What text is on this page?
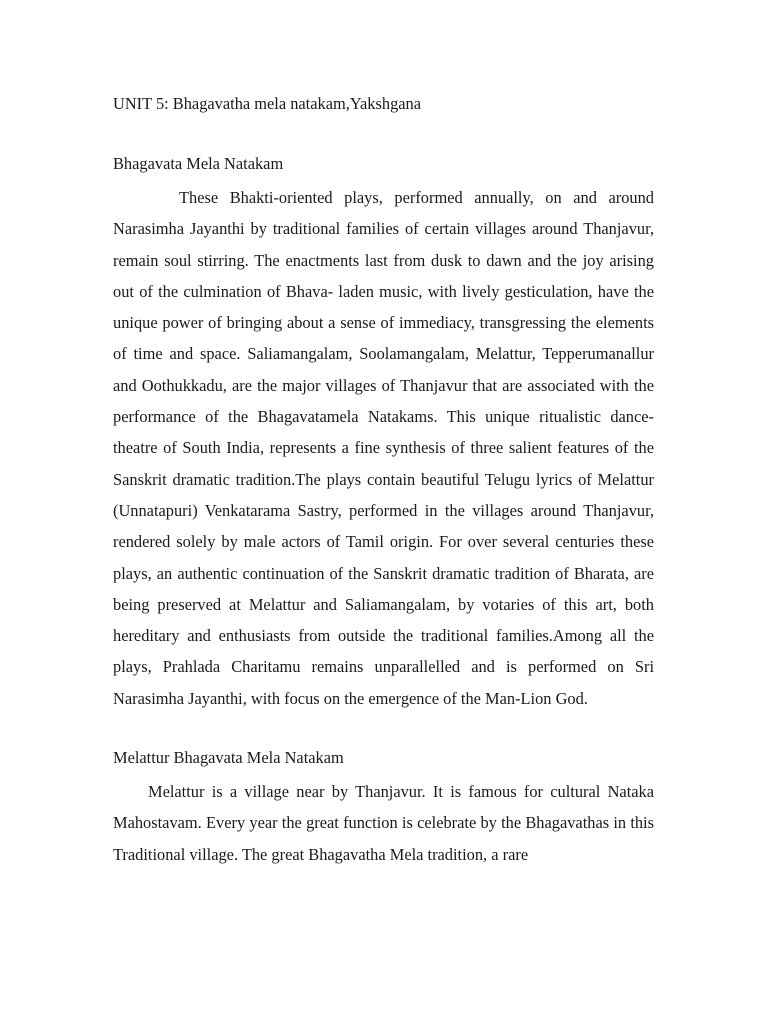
UNIT 5: Bhagavatha mela natakam,Yakshgana
Bhagavata Mela Natakam

These Bhakti-oriented plays, performed annually, on and around Narasimha Jayanthi by traditional families of certain villages around Thanjavur, remain soul stirring. The enactments last from dusk to dawn and the joy arising out of the culmination of Bhava- laden music, with lively gesticulation, have the unique power of bringing about a sense of immediacy, transgressing the elements of time and space. Saliamangalam, Soolamangalam, Melattur, Tepperumanallur and Oothukkadu, are the major villages of Thanjavur that are associated with the performance of the Bhagavatamela Natakams. This unique ritualistic dance-theatre of South India, represents a fine synthesis of three salient features of the Sanskrit dramatic tradition.The plays contain beautiful Telugu lyrics of Melattur (Unnatapuri) Venkatarama Sastry, performed in the villages around Thanjavur, rendered solely by male actors of Tamil origin. For over several centuries these plays, an authentic continuation of the Sanskrit dramatic tradition of Bharata, are being preserved at Melattur and Saliamangalam, by votaries of this art, both hereditary and enthusiasts from outside the traditional families.Among all the plays, Prahlada Charitamu remains unparallelled and is performed on Sri Narasimha Jayanthi, with focus on the emergence of the Man-Lion God.

Melattur Bhagavata Mela Natakam

Melattur is a village near by Thanjavur. It is famous for cultural Nataka Mahostavam. Every year the great function is celebrate by the Bhagavathas in this Traditional village. The great Bhagavatha Mela tradition, a rare
